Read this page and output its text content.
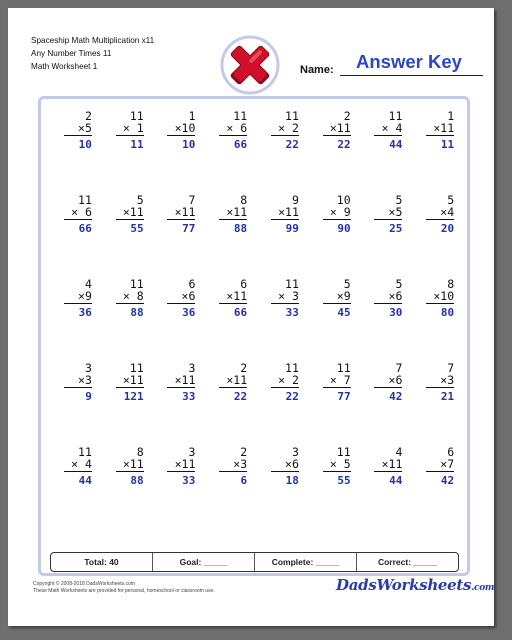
Spaceship Math Multiplication x11
Any Number Times 11
Math Worksheet 1	Name: Answer Key
2
×5
10
11
× 1
11
1
×10
10
11
× 6
66
11
× 2
22
2
×11
22
11
× 4
44
1
×11
11
11
× 6
66
5
×11
55
7
×11
77
8
×11
88
9
×11
99
10
× 9
90
5
×5
25
5
×4
20
4
×9
36
11
× 8
88
6
×6
36
6
×11
66
11
× 3
33
5
×9
45
5
×6
30
8
×10
80
3
×3
9
11
×11
121
3
×11
33
2
×11
22
11
× 2
22
11
× 7
77
7
×6
42
7
×3
21
11
× 4
44
8
×11
88
3
×11
33
2
×3
6
3
×6
18
11
× 5
55
4
×11
44
6
×7
42
Total: 40	Goal: _____	Complete: _____	Correct: _____
Copyright © 2008-2018 DadsWorksheets.com
These Math Worksheets are provided for personal, homeschool or classroom use.	DadsWorksheets.com
